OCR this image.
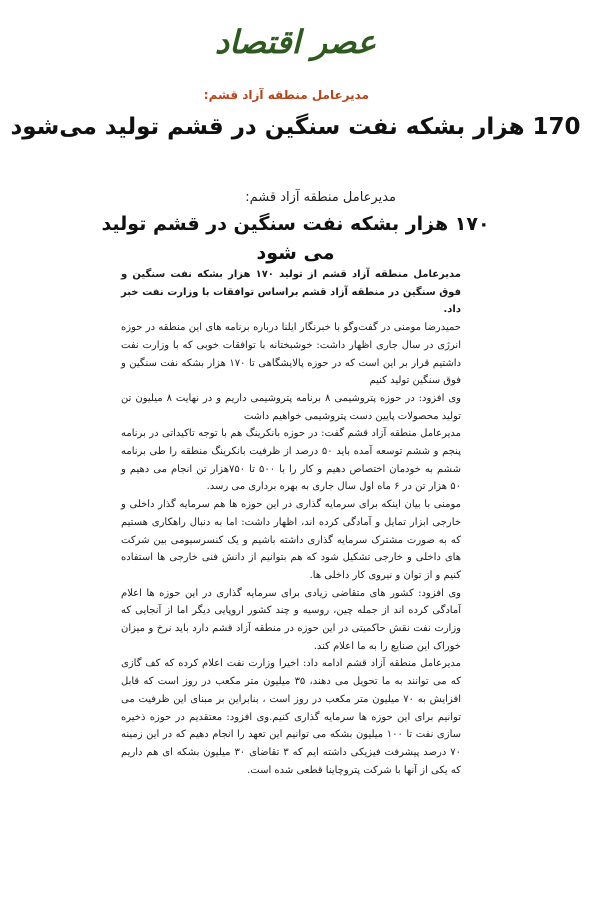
عصر اقتصاد
مدیرعامل منطقه آزاد قشم:
170 هزار بشکه نفت سنگین در قشم تولید می‌شود
مدیرعامل منطقه آزاد قشم:
۱۷۰ هزار بشکه نفت سنگین در قشم تولید می شود

مدیرعامل منطقه آزاد قشم از تولید ۱۷۰ هزار بشکه نفت سنگین و فوق سنگین در منطقه آزاد قشم براساس توافقات با وزارت نفت خبر داد.

حمیدرضا مومنی در گفت‌وگو با خبرنگار ایلنا درباره برنامه های این منطقه در حوزه انرژی در سال جاری اظهار داشت: خوشبختانه با توافقات خوبی که با وزارت نفت داشتیم قرار بر این است که در حوزه پالایشگاهی تا ۱۷۰ هزار بشکه نفت سنگین و فوق سنگین تولید کنیم

وی افزود: در حوزه پتروشیمی ۸ برنامه پتروشیمی داریم و در نهایت ۸ میلیون تن تولید محصولات پایین دست پتروشیمی خواهیم داشت

مدیرعامل منطقه آزاد قشم گفت: در حوزه بانکرینگ هم با توجه تاکیداتی در برنامه پنجم و ششم توسعه آمده باید ۵۰ درصد از ظرفیت بانکرینگ منطقه را طی برنامه ششم به خودمان اختصاص دهیم و کار را با ۵۰۰ تا ۷۵۰هزار تن انجام می دهیم و ۵۰ هزار تن در ۶ ماه اول سال جاری به بهره برداری می رسد.

مومنی با بیان اینکه برای سرمایه گذاری در این حوزه ها هم سرمایه گذار داخلی و خارجی ابزار تمایل و آمادگی کرده اند، اظهار داشت: اما به دنبال راهکاری هستیم که به صورت مشترک سرمایه گذاری داشته باشیم و یک کنسرسیومی بین شرکت های داخلی و خارجی تشکیل شود که هم بتوانیم از دانش فنی خارجی ها استفاده کنیم و از توان و نیروی کار داخلی ها.

وی افزود: کشور های متقاضی زیادی برای سرمایه گذاری در این حوزه ها اعلام آمادگی کرده اند از جمله چین، روسیه و چند کشور اروپایی دیگر اما از آنجایی که وزارت نفت نقش حاکمیتی در این حوزه در منطقه آزاد قشم دارد باید نرخ و میزان خوراک این صنایع را به ما اعلام کند.

مدیرعامل منطقه آزاد قشم ادامه داد: اخیرا وزارت نفت اعلام کرده که کف گازی که می توانند به ما تحویل می دهند، ۳۵ میلیون متر مکعب در روز است که قابل افزایش به ۷۰ میلیون متر مکعب در روز است ، بنابراین بر مبنای این ظرفیت می توانیم برای این حوزه ها سرمایه گذاری کنیم.وی افزود: معتقدیم در حوزه ذخیره سازی نفت تا ۱۰۰ میلیون بشکه می توانیم این تعهد را انجام دهیم که در این زمینه ۷۰ درصد پیشرفت فیزیکی داشته ایم که ۳ تقاضای ۳۰ میلیون بشکه ای هم داریم که یکی از آنها با شرکت پتروچاینا قطعی شده است.
